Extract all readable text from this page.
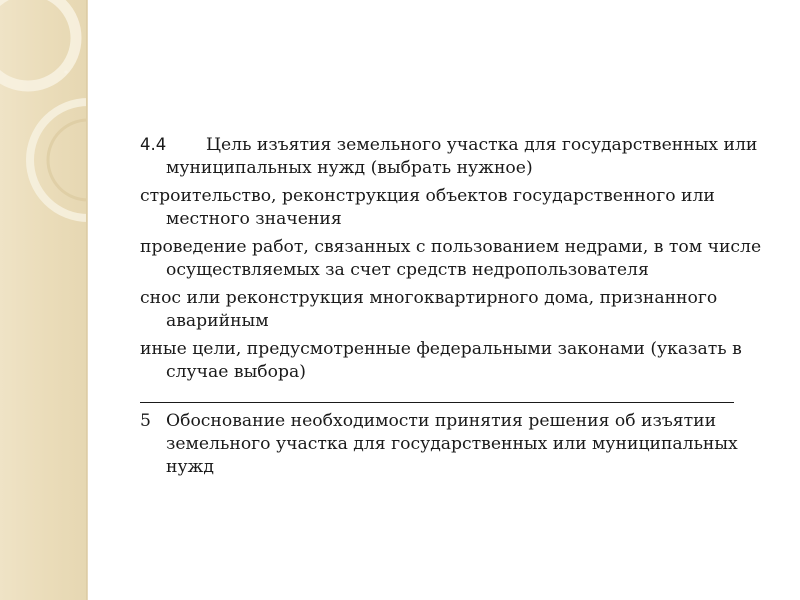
4.4 Цель изъятия земельного участка для государственных или муниципальных нужд (выбрать нужное)
строительство, реконструкция объектов государственного или местного значения
проведение работ, связанных с пользованием недрами, в том числе осуществляемых за счет средств недропользователя
снос или реконструкция многоквартирного дома, признанного аварийным
иные цели, предусмотренные федеральными законами (указать в случае выбора)
5 Обоснование необходимости принятия решения об изъятии земельного участка для государственных или муниципальных нужд
